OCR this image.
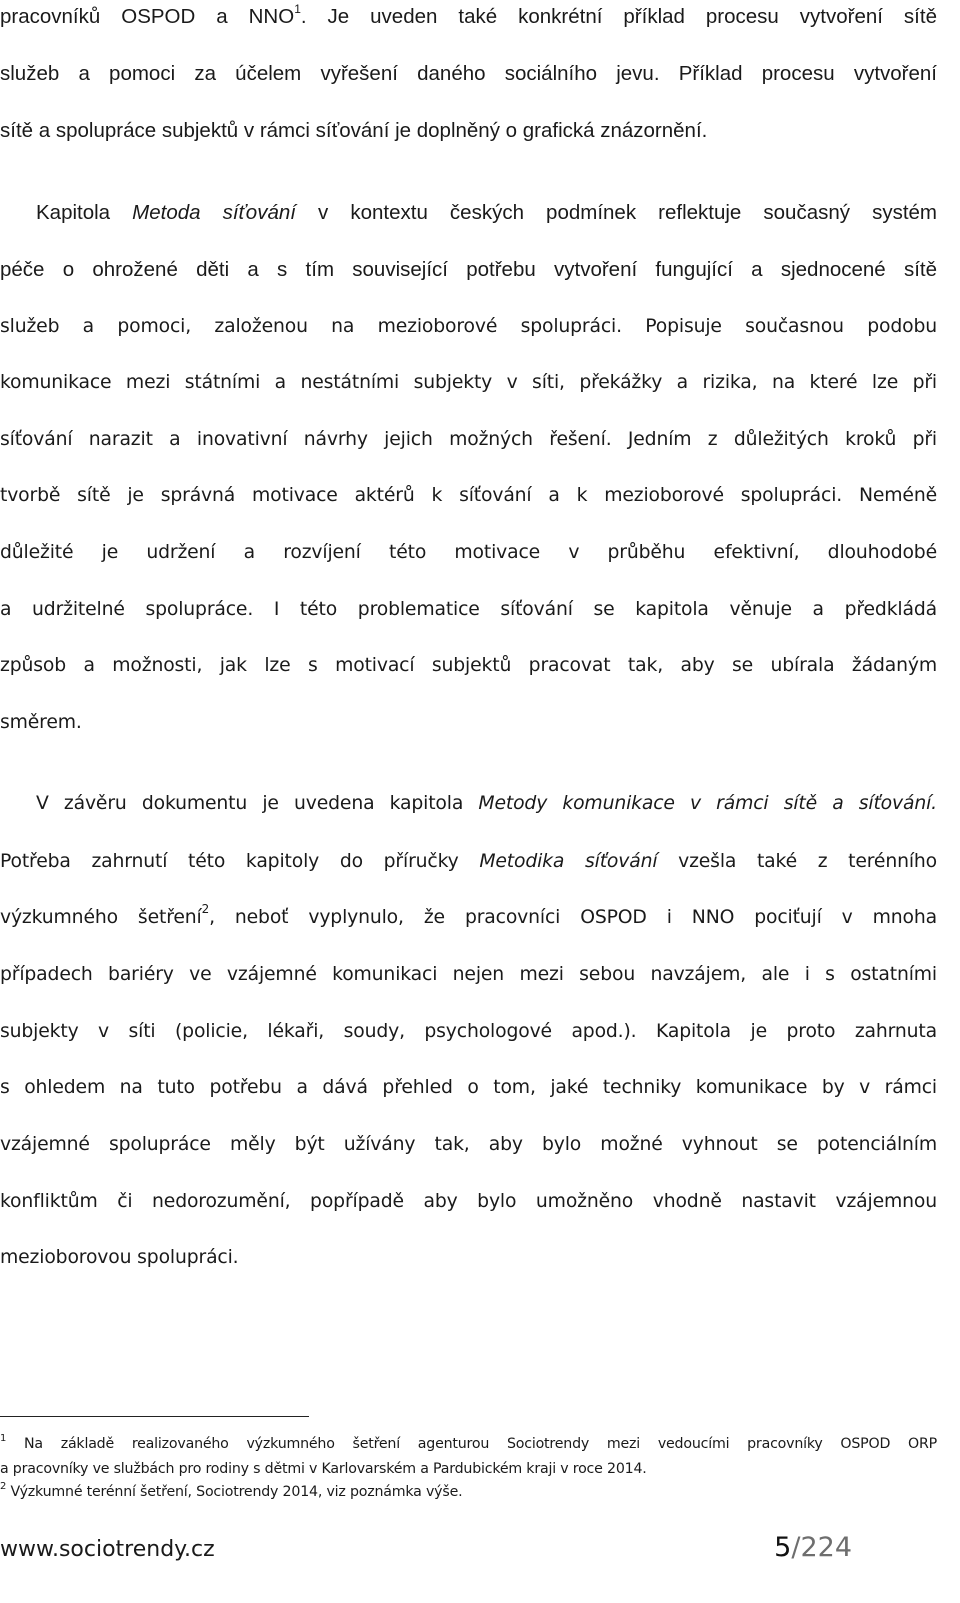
pracovníků OSPOD a NNO$^1$. Je uveden také konkrétní příklad procesu vytvoření sítě

služeb a pomoci za účelem vyřešení daného sociálního jevu. Příklad procesu vytvoření

sítě a spolupráce subjektů v rámci síťování je doplněný o grafická znázornění.

Kapitola Metoda síťování v kontextu českých podmínek reflektuje současný systém

péče o ohrožené děti a s tím související potřebu vytvoření fungující a sjednocené sítě

služeb a pomoci, založenou na mezioborové spolupráci. Popisuje současnou podobu

komunikace mezi státními a nestátními subjekty v síti, překážky a rizika, na které lze při

síťování narazit a inovativní návrhy jejich možných řešení. Jedním z důležitých kroků při

tvorbě sítě je správná motivace aktérů k síťování a k mezioborové spolupráci. Neméně

důležité je udržení a rozvíjení této motivace v průběhu efektivní, dlouhodobé

a udržitelné spolupráce. I této problematice síťování se kapitola věnuje a předkládá

způsob a možnosti, jak lze s motivací subjektů pracovat tak, aby se ubírala žádaným

směrem.

V závěru dokumentu je uvedena kapitola Metody komunikace v rámci sítě a síťování.

Potřeba zahrnutí této kapitoly do příručky Metodika síťování vzešla také z terénního

výzkumného šetření$^2$, neboť vyplynulo, že pracovníci OSPOD i NNO pociťují v mnoha

případech bariéry ve vzájemné komunikaci nejen mezi sebou navzájem, ale i s ostatními

subjekty v síti (policie, lékaři, soudy, psychologové apod.). Kapitola je proto zahrnuta

s ohledem na tuto potřebu a dává přehled o tom, jaké techniky komunikace by v rámci

vzájemné spolupráce měly být užívány tak, aby bylo možné vyhnout se potenciálním

konfliktům či nedorozumění, popřípadě aby bylo umožněno vhodně nastavit vzájemnou

mezioborovou spolupráci.

$^1$ Na základě realizovaného výzkumného šetření agenturou Sociotrendy mezi vedoucími pracovníky OSPOD ORP

a pracovníky ve službách pro rodiny s dětmi v Karlovarském a Pardubickém kraji v roce 2014.

$^2$ Výzkumné terénní šetření, Sociotrendy 2014, viz poznámka výše.

www.sociotrendy.cz	5/224
